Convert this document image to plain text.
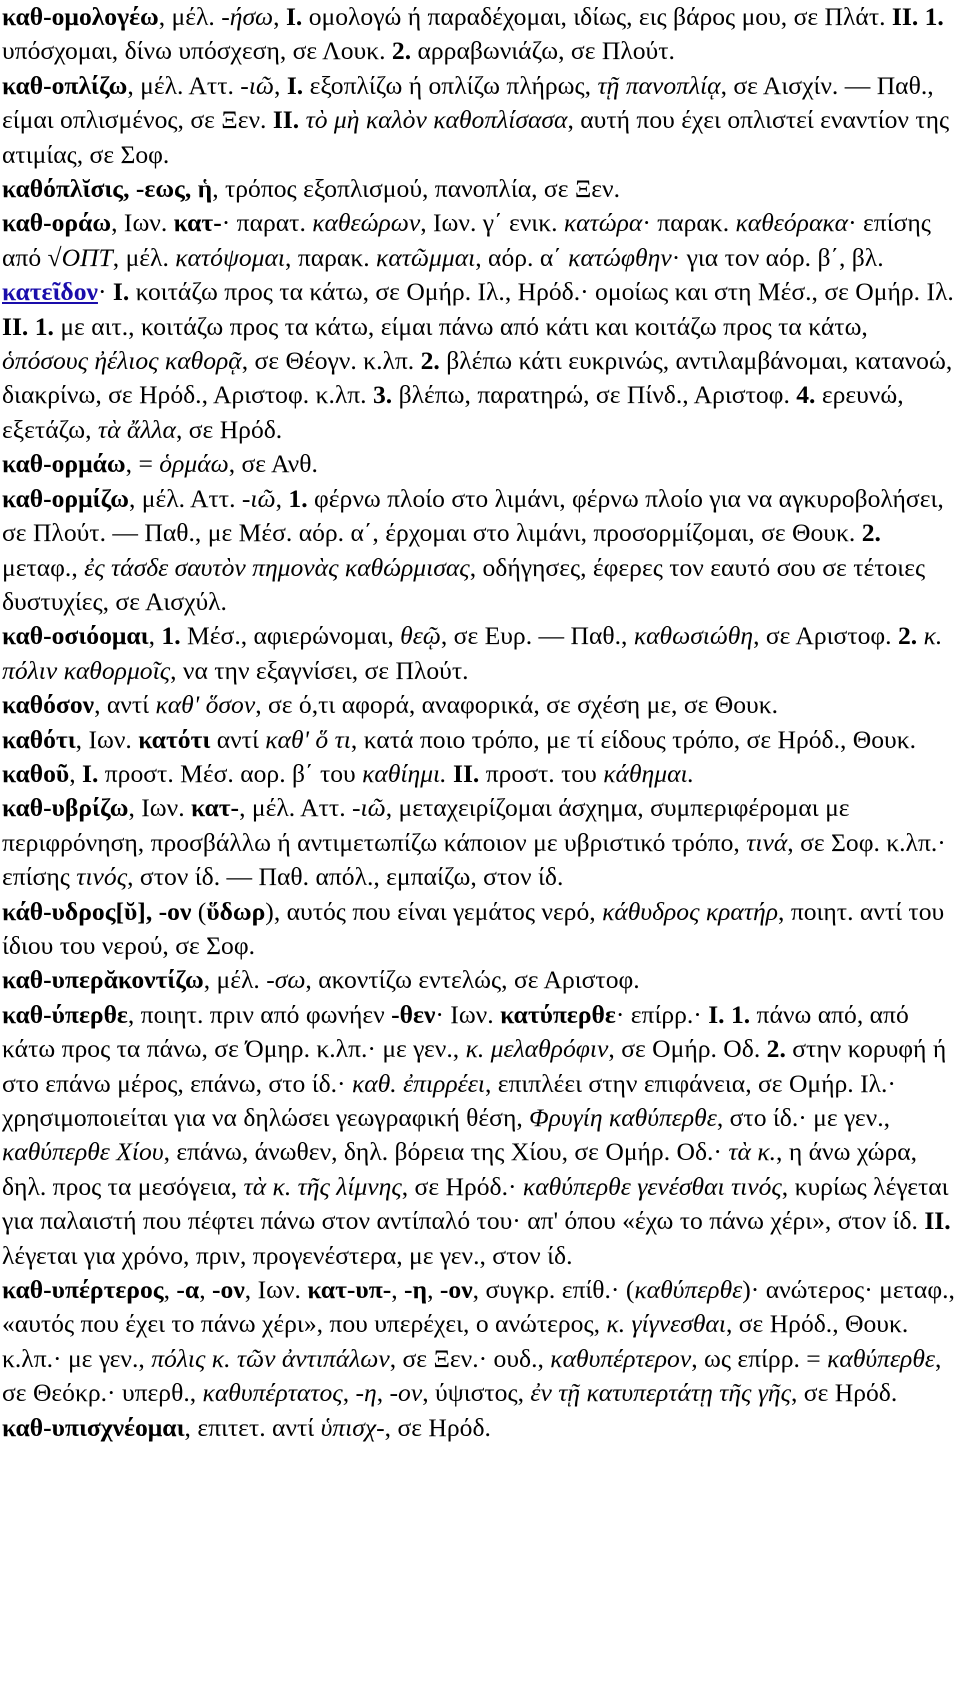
καθ-ομολογέω, μέλ. -ήσω, I. ομολογώ ή παραδέχομαι, ιδίως, εις βάρος μου, σε Πλάτ. II. 1. υπόσχομαι, δίνω υπόσχεση, σε Λουκ. 2. αρραβωνιάζω, σε Πλούτ.

καθ-οπλίζω, μέλ. Αττ. -ιῶ, I. εξοπλίζω ή οπλίζω πλήρως, τῇ πανοπλίᾳ, σε Αισχίν. — Παθ., είμαι οπλισμένος, σε Ξεν. II. τὸ μὴ καλὸν καθοπλίσασα, αυτή που έχει οπλιστεί εναντίον της ατιμίας, σε Σοφ.

καθόπλῐσις, -εως, ἡ, τρόπος εξοπλισμού, πανοπλία, σε Ξεν.

καθ-οράω, Ιων. κατ-· παρατ. καθεώρων, Ιων. γ΄ ενικ. κατώρα· παρακ. καθεόρακα· επίσης από √ΟΠΤ, μέλ. κατόψομαι, παρακ. κατῶμμαι, αόρ. α΄ κατώφθην· για τον αόρ. β΄, βλ. κατεῖδον· I. κοιτάζω προς τα κάτω, σε Ομήρ. Ιλ., Ηρόδ.· ομοίως και στη Μέσ., σε Ομήρ. Ιλ. II. 1. με αιτ., κοιτάζω προς τα κάτω, είμαι πάνω από κάτι και κοιτάζω προς τα κάτω, ὁπόσους ἠέλιος καθορᾷ, σε Θέογν. κ.λπ. 2. βλέπω κάτι ευκρινώς, αντιλαμβάνομαι, κατανοώ, διακρίνω, σε Ηρόδ., Αριστοφ. κ.λπ. 3. βλέπω, παρατηρώ, σε Πίνδ., Αριστοφ. 4. ερευνώ, εξετάζω, τὰ ἄλλα, σε Ηρόδ.

καθ-ορμάω, = ὁρμάω, σε Ανθ.

καθ-ορμίζω, μέλ. Αττ. -ιῶ, 1. φέρνω πλοίο στο λιμάνι, φέρνω πλοίο για να αγκυροβολήσει, σε Πλούτ. — Παθ., με Μέσ. αόρ. α΄, έρχομαι στο λιμάνι, προσορμίζομαι, σε Θουκ. 2. μεταφ., ἐς τάσδε σαυτὸν πημονὰς καθώρμισας, οδήγησες, έφερες τον εαυτό σου σε τέτοιες δυστυχίες, σε Αισχύλ.

καθ-οσιόομαι, 1. Μέσ., αφιερώνομαι, θεῷ, σε Ευρ. — Παθ., καθωσιώθη, σε Αριστοφ. 2. κ. πόλιν καθορμοῖς, να την εξαγνίσει, σε Πλούτ.

καθόσον, αντί καθ' ὅσον, σε ό,τι αφορά, αναφορικά, σε σχέση με, σε Θουκ.

καθότι, Ιων. κατότι αντί καθ' ὅ τι, κατά ποιο τρόπο, με τί είδους τρόπο, σε Ηρόδ., Θουκ.

καθοῦ, I. προστ. Μέσ. αορ. β΄ του καθίημι. II. προστ. του κάθημαι.

καθ-υβρίζω, Ιων. κατ-, μέλ. Αττ. -ιῶ, μεταχειρίζομαι άσχημα, συμπεριφέρομαι με περιφρόνηση, προσβάλλω ή αντιμετωπίζω κάποιον με υβριστικό τρόπο, τινά, σε Σοφ. κ.λπ.· επίσης τινός, στον ίδ. — Παθ. απόλ., εμπαίζω, στον ίδ.

κάθ-υδρος[ῠ], -ον (ὕδωρ), αυτός που είναι γεμάτος νερό, κάθυδρος κρατήρ, ποιητ. αντί του ίδιου του νερού, σε Σοφ.

καθ-υπερᾰκοντίζω, μέλ. -σω, ακοντίζω εντελώς, σε Αριστοφ.

καθ-ύπερθε, ποιητ. πριν από φωνήεν -θεν· Ιων. κατύπερθε· επίρρ.· I. 1. πάνω από, από κάτω προς τα πάνω, σε Όμηρ. κ.λπ.· με γεν., κ. μελαθρόφιν, σε Ομήρ. Οδ. 2. στην κορυφή ή στο επάνω μέρος, επάνω, στο ίδ.· καθ. ἐπιρρέει, επιπλέει στην επιφάνεια, σε Ομήρ. Ιλ.· χρησιμοποιείται για να δηλώσει γεωγραφική θέση, Φρυγίη καθύπερθε, στο ίδ.· με γεν., καθύπερθε Χίου, επάνω, άνωθεν, δηλ. βόρεια της Χίου, σε Ομήρ. Οδ.· τὰ κ., η άνω χώρα, δηλ. προς τα μεσόγεια, τὰ κ. τῆς λίμνης, σε Ηρόδ.· καθύπερθε γενέσθαι τινός, κυρίως λέγεται για παλαιστή που πέφτει πάνω στον αντίπαλό του· απ' όπου «έχω το πάνω χέρι», στον ίδ. II. λέγεται για χρόνο, πριν, προγενέστερα, με γεν., στον ίδ.

καθ-υπέρτερος, -α, -ον, Ιων. κατ-υπ-, -η, -ον, συγκρ. επίθ.· (καθύπερθε)· ανώτερος· μεταφ., «αυτός που έχει το πάνω χέρι», που υπερέχει, ο ανώτερος, κ. γίγνεσθαι, σε Ηρόδ., Θουκ. κ.λπ.· με γεν., πόλις κ. τῶν ἀντιπάλων, σε Ξεν.· ουδ., καθυπέρτερον, ως επίρρ. = καθύπερθε, σε Θεόκρ.· υπερθ., καθυπέρτατος, -η, -ον, ύψιστος, ἐν τῇ κατυπερτάτῃ τῆς γῆς, σε Ηρόδ.

καθ-υπισχνέομαι, επιτετ. αντί ὑπισχ-, σε Ηρόδ.
